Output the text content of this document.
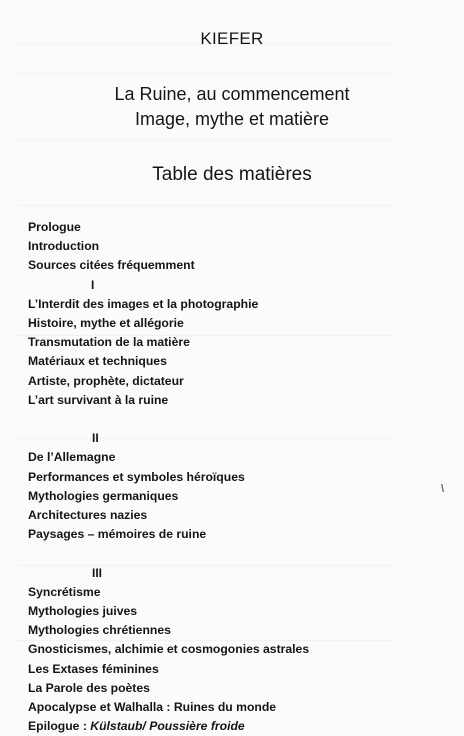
KIEFER
La Ruine, au commencement
Image, mythe et matière
Table des matières
Prologue
Introduction
Sources citées fréquemment
I
L’Interdit des images et la photographie
Histoire, mythe et allégorie
Transmutation de la matière
Matériaux et techniques
Artiste, prophète, dictateur
L’art survivant à la ruine
II
De l’Allemagne
Performances et symboles héroïques
Mythologies germaniques
Architectures nazies
Paysages – mémoires de ruine
III
Syncrétisme
Mythologies juives
Mythologies chrétiennes
Gnosticismes, alchimie et cosmogonies astrales
Les Extases féminines
La Parole des poètes
Apocalypse et Walhalla : Ruines du monde
Epilogue : Külstaub/ Poussière froide
\
